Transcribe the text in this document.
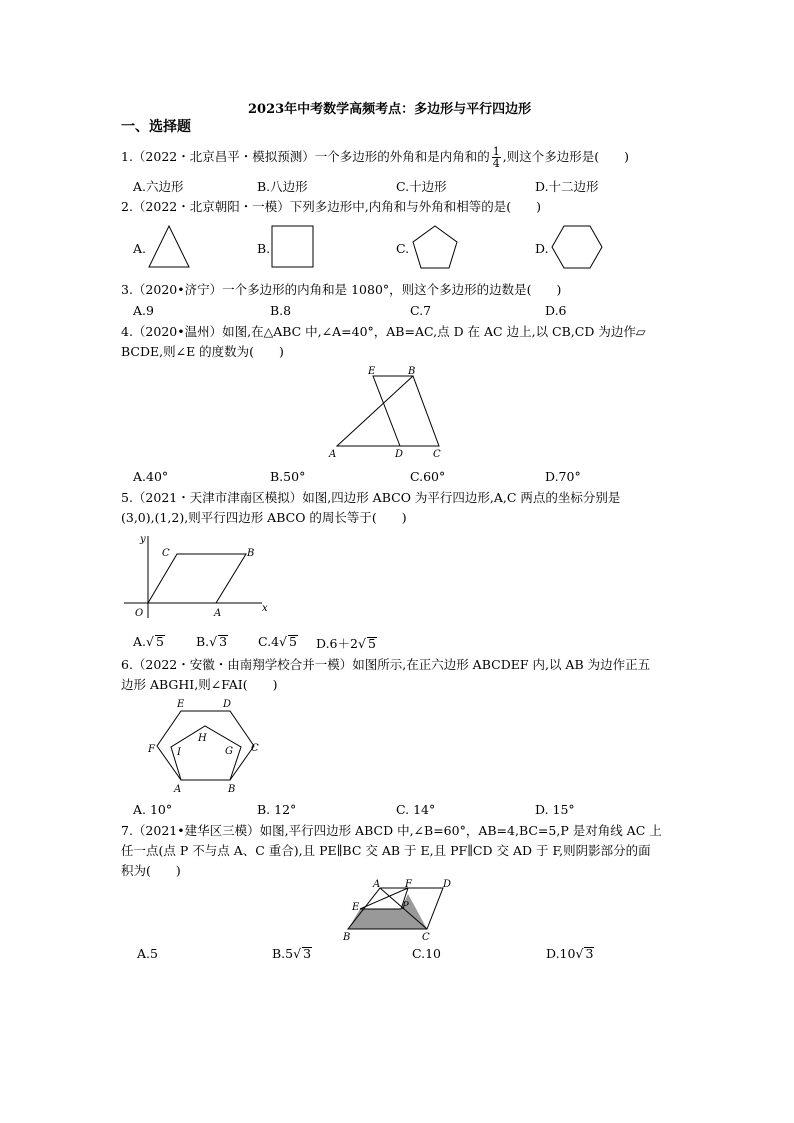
2023年中考数学高频考点：多边形与平行四边形
一、选择题
1.（2022・北京昌平・模拟预测）一个多边形的外角和是内角和的 $\frac{1}{4}$ ,则这个多边形是(　　)
A.六边形	B.八边形	C.十边形	D.十二边形
2.（2022・北京朝阳・一模）下列多边形中,内角和与外角和相等的是(　　)
A.	B.	C.	D.
3.（2020•济宁）一个多边形的内角和是 1080°，则这个多边形的边数是(　　)
A.9	B.8	C.7	D.6
4.（2020•温州）如图,在△ABC 中,∠A=40°，AB=AC,点 D 在 AC 边上,以 CB,CD 为边作▱
BCDE,则∠E 的度数为(　　)
E	B
A	D	C
A.40°	B.50°	C.60°	D.70°
5.（2021・天津市津南区模拟）如图,四边形 ABCO 为平行四边形,A,C 两点的坐标分别是
(3,0),(1,2),则平行四边形 ABCO 的周长等于(　　)
y
C	B
O	A	x
A.√ 5	B.√ 3 C.4√ 5 D.6＋2√ 5
6.（2022・安徽・由南翔学校合并一模）如图所示,在正六边形 ABCDEF 内,以 AB 为边作正五
边形 ABGHI,则∠FAI(　　)
E	D
F	C
A	B
H
I	G
A. 10°	B. 12°	C. 14°	D. 15°
7.（2021•建华区三模）如图,平行四边形 ABCD 中,∠B=60°，AB=4,BC=5,P 是对角线 AC 上
任一点(点 P 不与点 A、C 重合),且 PE∥BC 交 AB 于 E,且 PF∥CD 交 AD 于 F,则阴影部分的面
积为(　　)
A F	D
E	P
B	C
A.5	B.5√ 3	C.10	D.10√ 3
